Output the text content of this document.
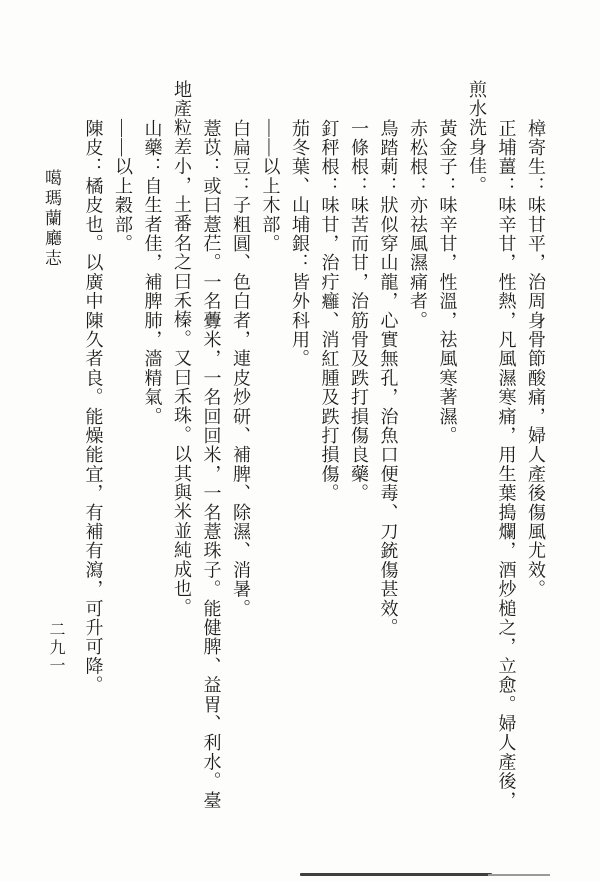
噶瑪蘭廳志	樟寄生：味甘平，治周身骨節酸痛，婦人產後傷風尤效。
正埔薑：味辛甘，性熱，凡風濕寒痛，用生葉搗爛，酒炒槌之，立愈。婦人產後，
煎水洗身佳。
黃金子：味辛甘，性溫，祛風寒著濕。
赤松根：亦祛風濕痛者。
鳥踏莿：狀似穿山龍，心實無孔，治魚口便毒、刀銃傷甚效。
一條根：味苦而甘，治筋骨及跌打損傷良藥。
釘秤根：味甘，治疔癰、消紅腫及跌打損傷。
茄冬葉、山埔銀：皆外科用。
——以上木部。
白扁豆：子粗圓、色白者，連皮炒研、補脾、除濕、消暑。
薏苡：或曰薏芢。一名虋米，一名回回米，一名薏珠子。能健脾、益胃、利水。臺
地產粒差小，土番名之曰禾榛。又曰禾珠。以其與米並純成也。
山藥：自生者佳，補脾肺，濇精氣。
——以上穀部。
陳皮：橘皮也。以廣中陳久者良。能燥能宜，有補有瀉，可升可降。
二九一
